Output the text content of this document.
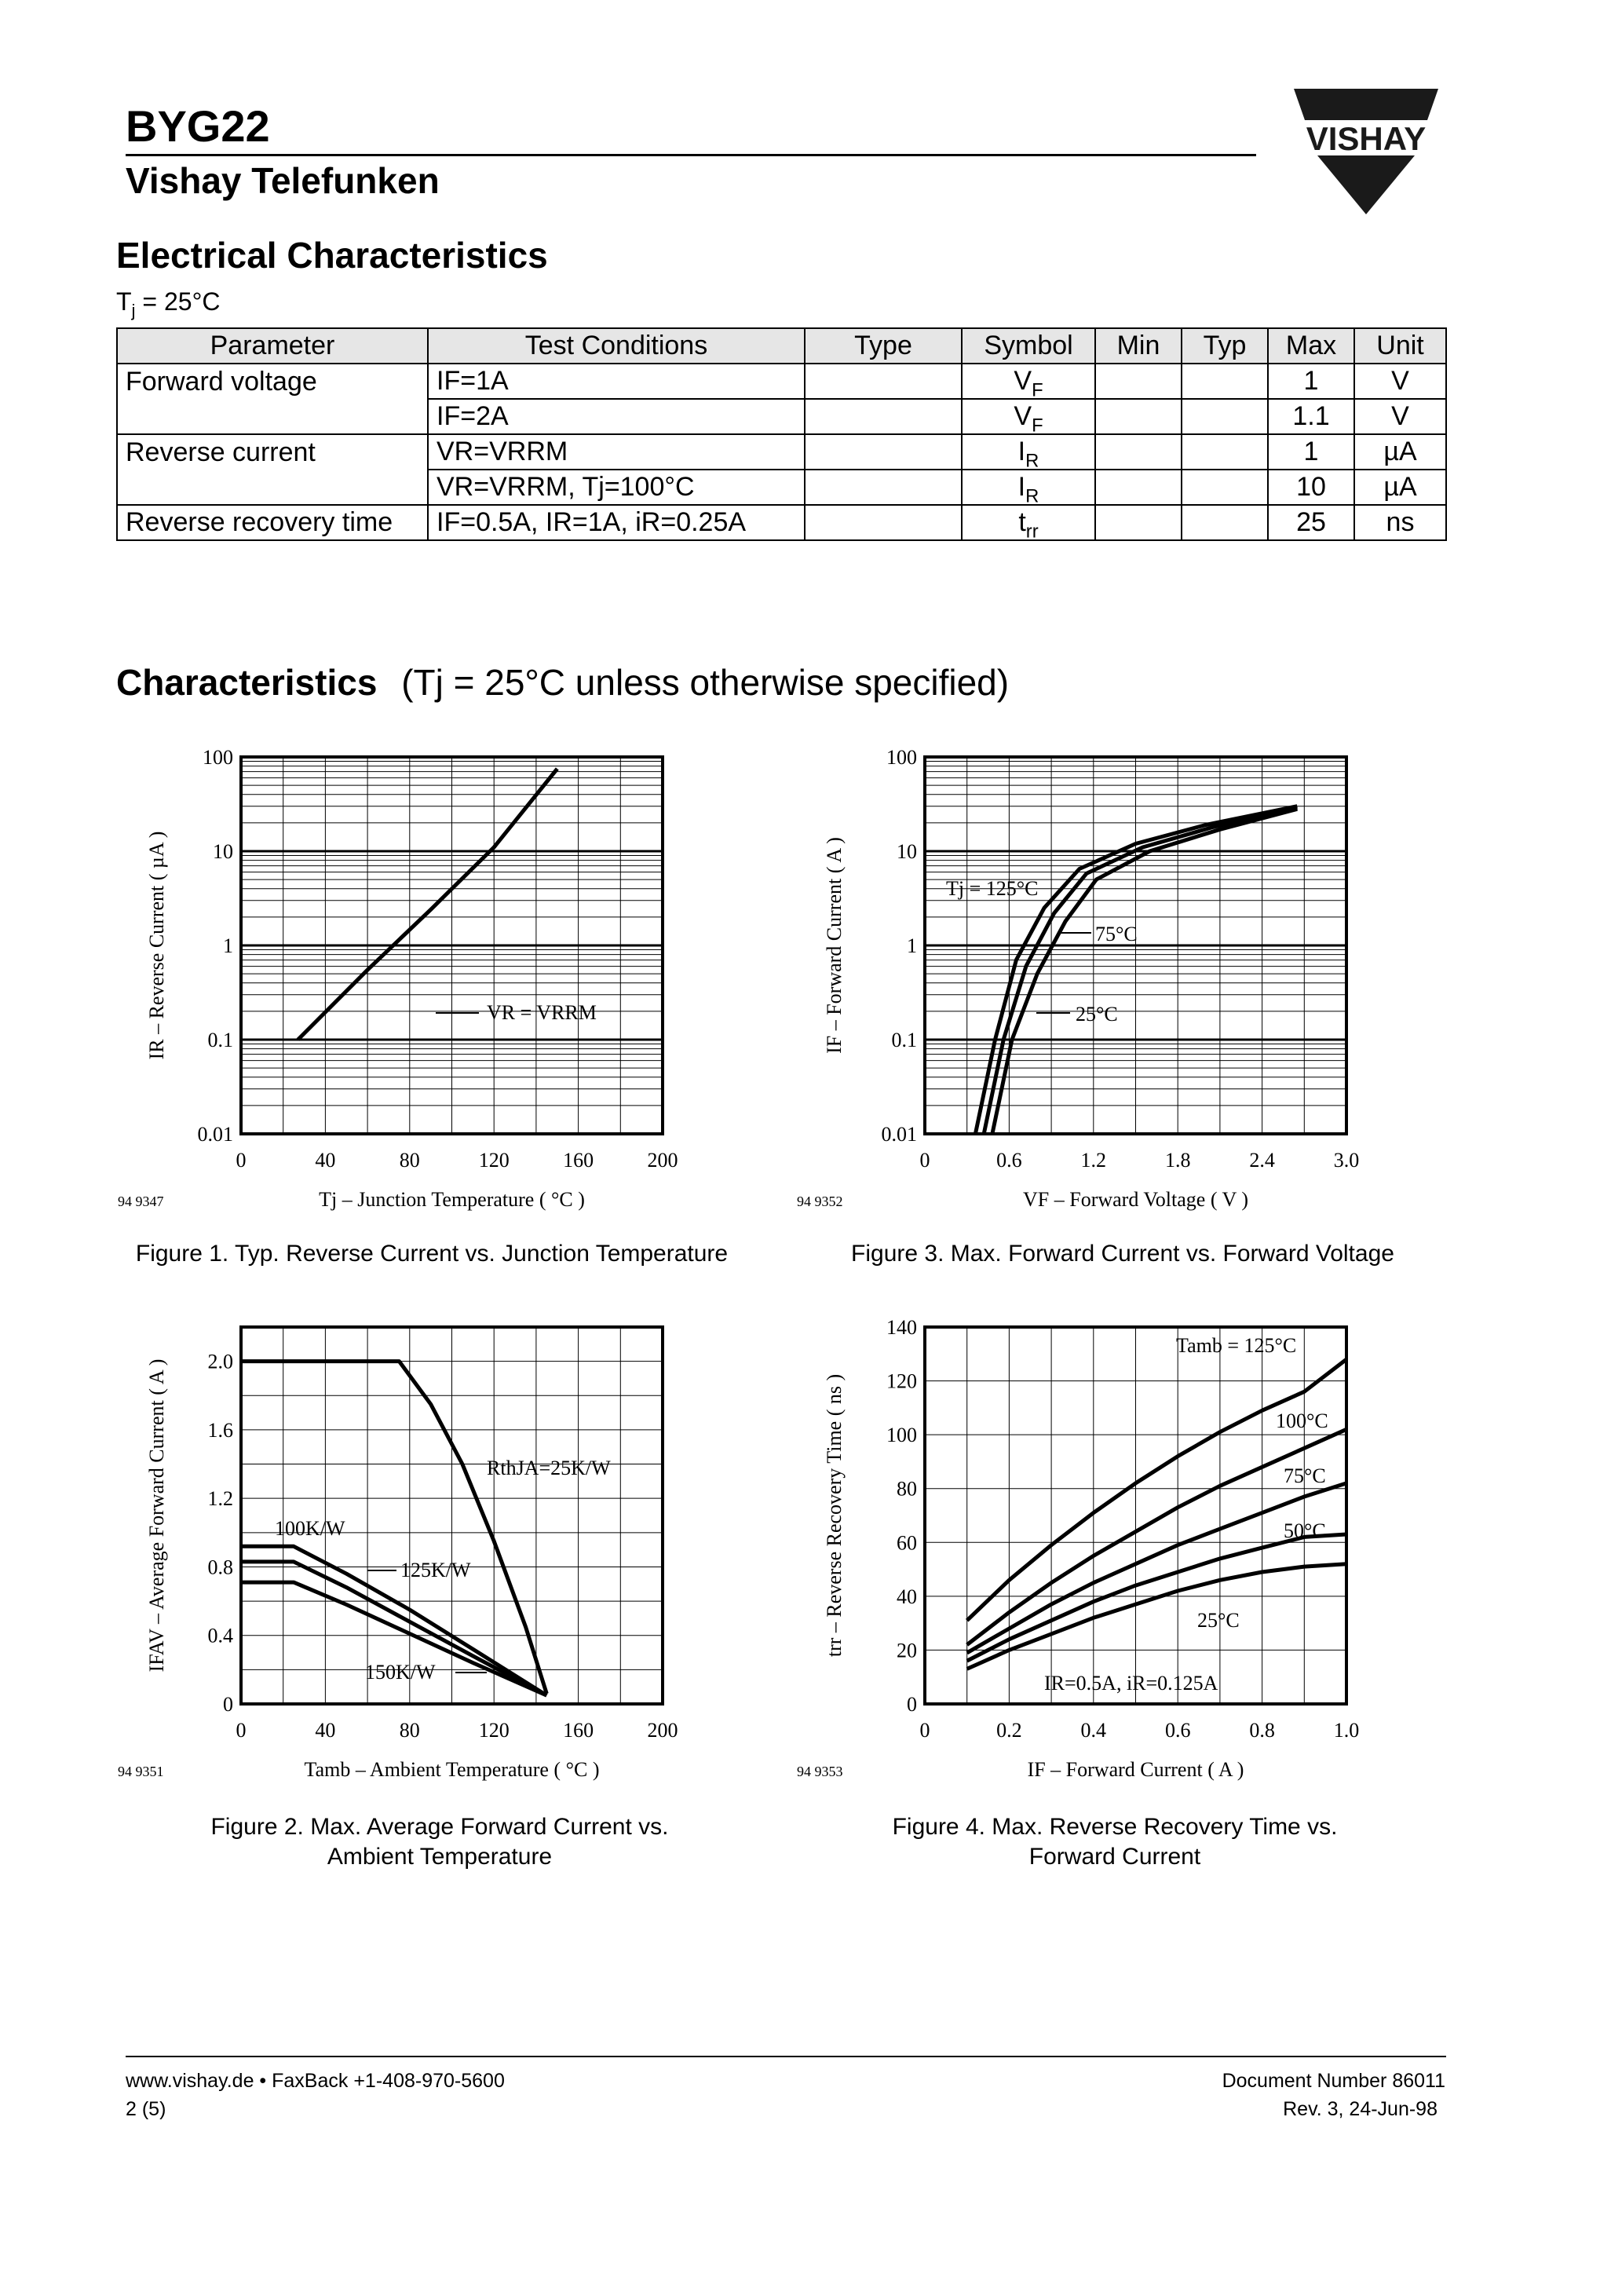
BYG22
Vishay Telefunken
VISHAY
Electrical Characteristics
$T_j = 25^\circ C$
Parameter	Test Conditions	Type	Symbol	Min	Typ	Max	Unit
Forward voltage	IF=1A		$V_F$			1	V
	IF=2A		$V_F$			1.1	V
Reverse current	VR=VRRM		$I_R$			1	µA
	VR=VRRM, Tj=100°C		$I_R$			10	µA
Reverse recovery time	IF=0.5A, IR=1A, iR=0.25A		$t_{rr}$			25	ns
Characteristics (Tj = 25°C unless otherwise specified)
0	40	80	120	160	200
0.01
0.1
1
10
100
Tj – Junction Temperature ( °C )
IR – Reverse Current ( µA )
94 9347
VR = VRRM
0	0.6	1.2	1.8	2.4	3.0
0.01
0.1
1
10
100
VF – Forward Voltage ( V )
IF – Forward Current ( A )
94 9352
Tj = 125°C
75°C
25°C
0	40	80	120	160	200
0
0.4
0.8
1.2
1.6
2.0
Tamb – Ambient Temperature ( °C )
IFAV – Average Forward Current ( A )
94 9351
RthJA=25K/W
100K/W
125K/W
150K/W
0	0.2	0.4	0.6	0.8	1.0
0
20
40
60
80
100
120
140
IF – Forward Current ( A )
trr – Reverse Recovery Time ( ns )
94 9353
Tamb = 125°C
100°C
75°C
50°C
25°C
IR=0.5A, iR=0.125A
Figure 1. Typ. Reverse Current vs. Junction Temperature	Figure 3. Max. Forward Current vs. Forward Voltage
Figure 2. Max. Average Forward Current vs. Ambient Temperature
Figure 4. Max. Reverse Recovery Time vs. Forward Current
www.vishay.de • FaxBack +1-408-970-5600
2 (5)
Document Number 86011
Rev. 3, 24-Jun-98
